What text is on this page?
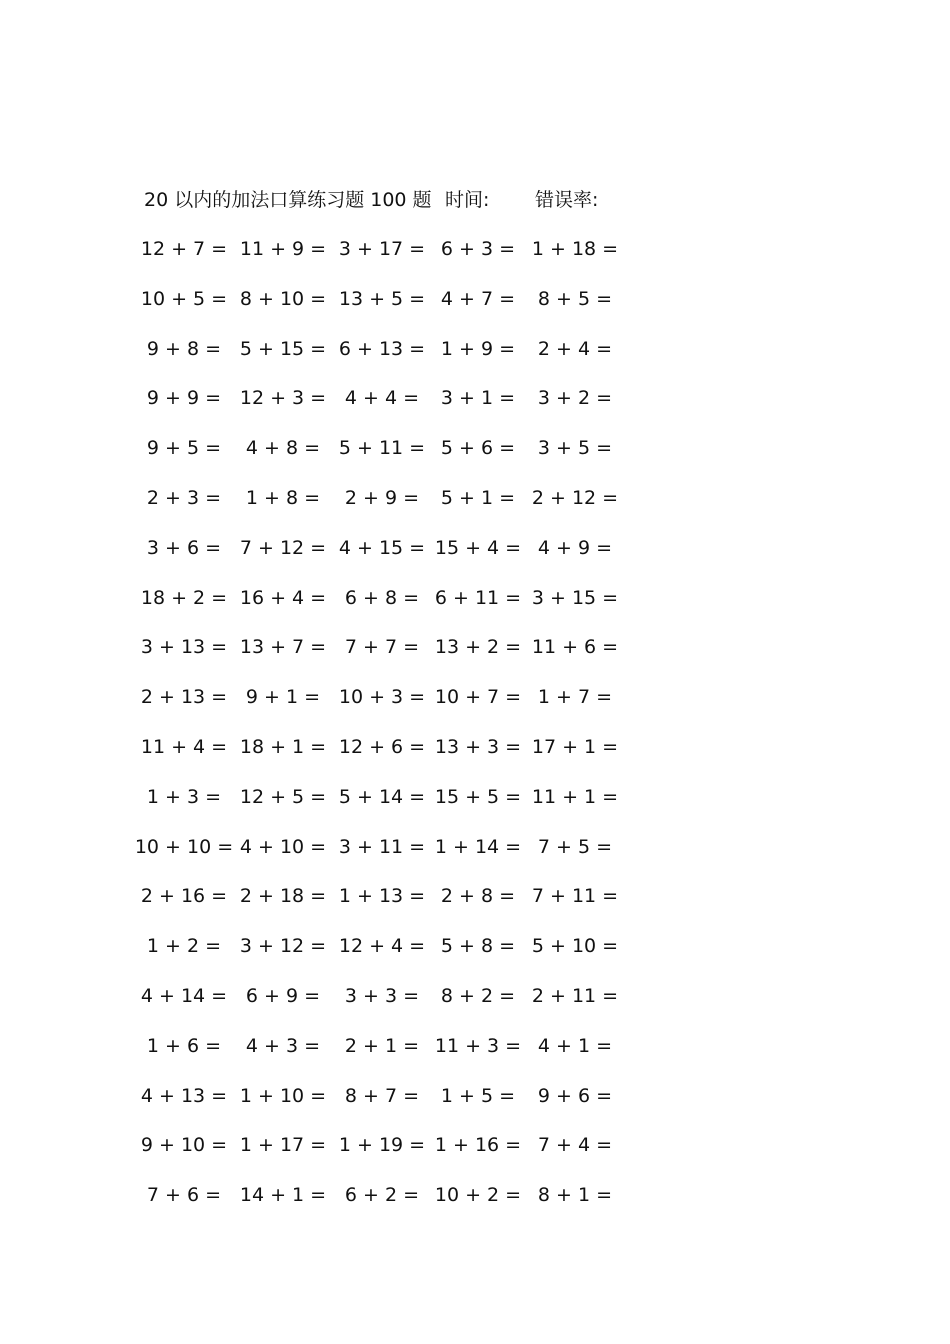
20 以内的加法口算练习题 100 题 时间: 错误率:
12 + 7 = 11 + 9 = 3 + 17 = 6 + 3 = 1 + 18 =
10 + 5 = 8 + 10 = 13 + 5 = 4 + 7 =	8 + 5 =
9 + 8 = 5 + 15 = 6 + 13 = 1 + 9 =	2 + 4 =
9 + 9 = 12 + 3 = 4 + 4 =	3 + 1 =	3 + 2 =
9 + 5 =	4 + 8 = 5 + 11 = 5 + 6 =	3 + 5 =
2 + 3 =	1 + 8 =	2 + 9 =	5 + 1 = 2 + 12 =
3 + 6 = 7 + 12 = 4 + 15 = 15 + 4 = 4 + 9 =
18 + 2 = 16 + 4 = 6 + 8 = 6 + 11 = 3 + 15 =
3 + 13 = 13 + 7 = 7 + 7 = 13 + 2 = 11 + 6 =
2 + 13 = 9 + 1 = 10 + 3 = 10 + 7 = 1 + 7 =
11 + 4 = 18 + 1 = 12 + 6 = 13 + 3 = 17 + 1 =
1 + 3 = 12 + 5 = 5 + 14 = 15 + 5 = 11 + 1 =
10 + 10 = 4 + 10 = 3 + 11 = 1 + 14 = 7 + 5 =
2 + 16 = 2 + 18 = 1 + 13 = 2 + 8 = 7 + 11 =
1 + 2 = 3 + 12 = 12 + 4 = 5 + 8 = 5 + 10 =
4 + 14 = 6 + 9 =	3 + 3 =	8 + 2 = 2 + 11 =
1 + 6 =	4 + 3 =	2 + 1 = 11 + 3 = 4 + 1 =
4 + 13 = 1 + 10 = 8 + 7 =	1 + 5 =	9 + 6 =
9 + 10 = 1 + 17 = 1 + 19 = 1 + 16 = 7 + 4 =
7 + 6 = 14 + 1 = 6 + 2 = 10 + 2 = 8 + 1 =
